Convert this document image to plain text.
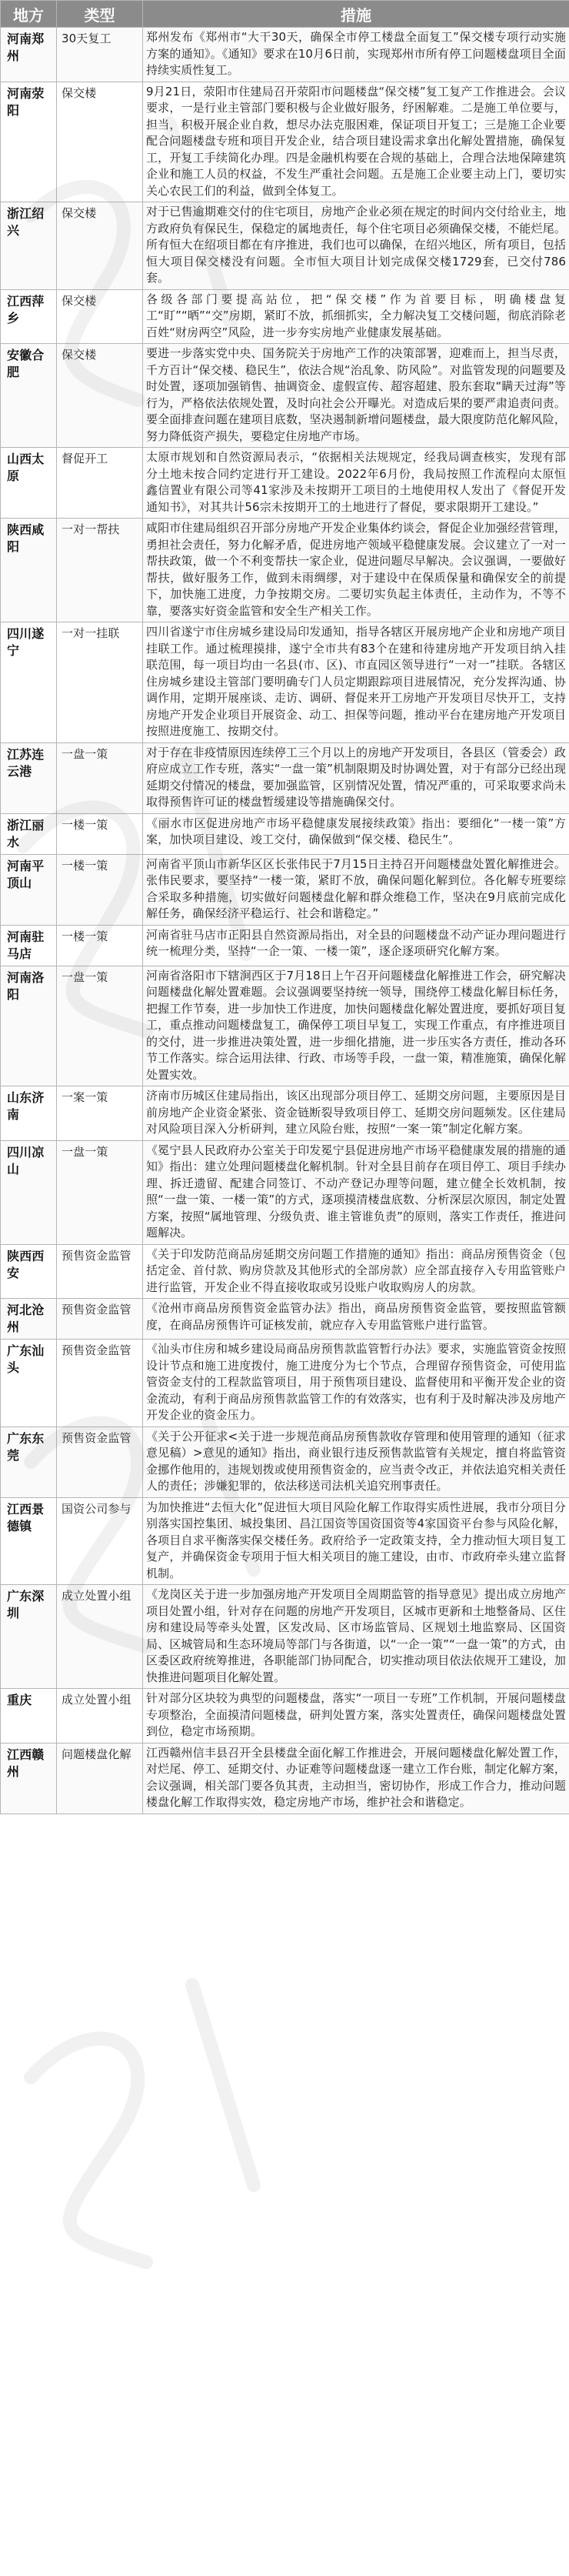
地方	类型	措施
河南郑州	30天复工	郑州发布《郑州市“大干30天，确保全市停工楼盘全面复工”保交楼专项行动实施方案的通知》。《通知》要求在10月6日前，实现郑州市所有停工问题楼盘项目全面持续实质性复工。
河南荥阳	保交楼	9月21日，荥阳市住建局召开荥阳市问题楼盘“保交楼”复工复产工作推进会。会议要求，一是行业主管部门要积极与企业做好服务，纾困解难。二是施工单位要与，担当，积极开展企业自救，想尽办法克服困难，保证项目开复工；三是施工企业要配合问题楼盘专班和项目开发企业，结合项目建设需求拿出化解处置措施，确保复工，开复工手续简化办理。四是金融机构要在合规的基础上，合理合法地保障建筑企业和施工人员的权益，不发生严重社会问题。五是施工企业要主动上门，要切实关心农民工们的利益，做到全体复工。
浙江绍兴	保交楼	对于已售逾期难交付的住宅项目，房地产企业必须在规定的时间内交付给业主，地方政府负有保民生，保稳定的属地责任，每个住宅项目必须确保交楼，不能烂尾。所有恒大在绍项目都在有序推进，我们也可以确保，在绍兴地区，所有项目，包括恒大项目保交楼没有问题。全市恒大项目计划完成保交楼1729套，已交付786套。
江西萍乡	保交楼	各级各部门要提高站位，把“保交楼”作为首要目标，明确楼盘复工“盯”“晒”“交”房期，紧盯不放，抓细抓实，全力解决复工交楼问题，彻底消除老百姓“财房两空”风险，进一步夯实房地产业健康发展基础。
安徽合肥	保交楼	要进一步落实党中央、国务院关于房地产工作的决策部署，迎难而上，担当尽责，千方百计“保交楼、稳民生”，依法合规“治乱象、防风险”。对监管发现的问题要及时处置，逐项加强销售、抽调资金、虚假宣传、超容超建、股东套取“瞒天过海”等行为，严格依法依规处置，及时向社会公开曝光。对造成后果的要严肃追责问责。要全面排查问题在建项目底数，坚决遏制新增问题楼盘，最大限度防范化解风险，努力降低资产损失，要稳定住房地产市场。
山西太原	督促开工	太原市规划和自然资源局表示，“依据相关法规规定，经我局调查核实，发现有部分土地未按合同约定进行开工建设。2022年6月份，我局按照工作流程向太原恒鑫信置业有限公司等41家涉及未按期开工项目的土地使用权人发出了《督促开发通知书》，对其共计56宗未按期开工的土地进行了督促，要求限期开工建设。”
陕西咸阳	一对一帮扶	咸阳市住建局组织召开部分房地产开发企业集体约谈会，督促企业加强经营管理，勇担社会责任，努力化解矛盾，促进房地产领域平稳健康发展。会议建立了一对一帮扶政策，做一个不利变帮扶一家企业，促进问题尽早解决。会议强调，一要做好帮扶，做好服务工作，做到未雨绸缪，对于建设中在保质保量和确保安全的前提下，加快施工进度，力争按期交房。二要切实负起主体责任，主动作为，不等不靠，要落实好资金监管和安全生产相关工作。
四川遂宁	一对一挂联	四川省遂宁市住房城乡建设局印发通知，指导各辖区开展房地产企业和房地产项目挂联工作。通过梳理摸排，遂宁全市共有83个在建和待建房地产开发项目纳入挂联范围，每一项目均由一名县(市、区)、市直园区领导进行“一对一”挂联。各辖区住房城乡建设主管部门要明确专门人员定期跟踪项目进展情况，充分发挥沟通、协调作用，定期开展座谈、走访、调研、督促来开工房地产开发项目尽快开工，支持房地产开发企业项目开展资金、动工、担保等问题，推动平台在建房地产开发项目按照进度施工、按期交付。
江苏连云港	一盘一策	对于存在非疫情原因连续停工三个月以上的房地产开发项目，各县区（管委会）政府应成立工作专班，落实“一盘一策”机制限期及时协调处置，对于有部分已经出现延期交付情况的楼盘，要加强监管，区别情况处置，情况严重的，可采取要求尚未取得预售许可证的楼盘暂缓建设等措施确保交付。
浙江丽水	一楼一策	《丽水市区促进房地产市场平稳健康发展接续政策》指出：要细化“一楼一策”方案，加快项目建设、竣工交付，确保做到“保交楼、稳民生”。
河南平顶山	一楼一策	河南省平顶山市新华区区长张伟民于7月15日主持召开问题楼盘处置化解推进会。张伟民要求，要坚持“一楼一策，紧盯不放，确保问题化解到位。各化解专班要综合采取多种措施，切实做好问题楼盘化解和群众维稳工作，坚决在9月底前完成化解任务，确保经济平稳运行、社会和谐稳定。”
河南驻马店	一楼一策	河南省驻马店市正阳县自然资源局指出，对全县的问题楼盘不动产证办理问题进行统一梳理分类，坚持“一企一策、一楼一策”，逐企逐项研究化解方案。
河南洛阳	一盘一策	河南省洛阳市下辖涧西区于7月18日上午召开问题楼盘化解推进工作会，研究解决问题楼盘化解处置难题。会议强调要坚持统一领导，围绕停工楼盘化解目标任务，把握工作节奏，进一步加快工作进度，加快问题楼盘化解处置进度，要抓好项目复工，重点推动问题楼盘复工，确保停工项目早复工，实现工作重点，有序推进项目的交付，进一步推进决策处置，进一步细化措施，进一步压实各方责任，推动各环节工作落实。综合运用法律、行政、市场等手段，一盘一策，精准施策，确保化解处置实效。
山东济南	一案一策	济南市历城区住建局指出，该区出现部分项目停工、延期交房问题，主要原因是目前房地产企业资金紧张、资金链断裂导致项目停工、延期交房问题频发。区住建局对风险项目深入分析研判，建立风险台账，按照“一案一策”制定化解方案。
四川凉山	一盘一策	《冕宁县人民政府办公室关于印发冕宁县促进房地产市场平稳健康发展的措施的通知》指出：建立处理问题楼盘化解机制。针对全县目前存在项目停工、项目手续办理、拆迁遗留、配建合同签订、不动产登记办理等问题，建立健全长效机制，按照“一盘一策、一楼一策”的方式，逐项摸清楼盘底数、分析深层次原因，制定处置方案，按照“属地管理、分级负责、谁主管谁负责”的原则，落实工作责任，推进问题解决。
陕西西安	预售资金监管	《关于印发防范商品房延期交房问题工作措施的通知》指出：商品房预售资金（包括定金、首付款、购房贷款及其他形式的全部房款）应全部直接存入专用监管账户进行监管，开发企业不得直接收取或另设账户收取购房人的房款。
河北沧州	预售资金监管	《沧州市商品房预售资金监管办法》指出，商品房预售资金监管，要按照监管额度，在商品房预售许可证核发前，就应存入专用监管账户进行监管。
广东汕头	预售资金监管	《汕头市住房和城乡建设局商品房预售款监管暂行办法》要求，实施监管资金按照设计节点和施工进度拨付，施工进度分为七个节点，合理留存预售资金，可使用监管资金支付的工程款监管项目，用于预售项目建设、监督使用和平衡开发企业的资金流动，有利于商品房预售款监管工作的有效落实，也有利于及时解决涉及房地产开发企业的资金压力。
广东东莞	预售资金监管	《关于公开征求<关于进一步规范商品房预售款收存管理和使用管理的通知（征求意见稿）>意见的通知》指出，商业银行违反预售款监管有关规定，擅自将监管资金挪作他用的，违规划拨或使用预售资金的，应当责令改正，并依法追究相关责任人的责任；涉嫌犯罪的，依法移送司法机关追究刑事责任。
江西景德镇	国资公司参与	为加快推进“去恒大化”促进恒大项目风险化解工作取得实质性进展，我市分项目分别落实国控集团、城投集团、昌江国资等国资国资等4家国资平台参与风险化解，各项目自求平衡落实保交楼任务。政府给予一定政策支持，全力推动恒大项目复工复产，并确保资金专项用于恒大相关项目的施工建设，由市、市政府牵头建立监督机制。
广东深圳	成立处置小组	《龙岗区关于进一步加强房地产开发项目全周期监管的指导意见》提出成立房地产项目处置小组，针对存在问题的房地产开发项目，区城市更新和土地整备局、区住房和建设局等牵头处置，区发改局、区市场监管局、区规划土地监察局、区国资局、区城管局和生态环境局等部门与各街道，以“一企一策”“一盘一策”的方式，由区委区政府统筹推进，各职能部门协同配合，切实推动项目依法依规开工建设，加快推进问题项目化解处置。
重庆	成立处置小组	针对部分区块较为典型的问题楼盘，落实“一项目一专班”工作机制，开展问题楼盘专项整治，全面摸清问题楼盘，研判处置方案，落实处置责任，确保问题楼盘处置到位，稳定市场预期。
江西赣州	问题楼盘化解	江西赣州信丰县召开全县楼盘全面化解工作推进会，开展问题楼盘化解处置工作，对烂尾、停工、延期交付、办证难等问题楼盘逐一建立工作台账，制定化解方案，会议强调，相关部门要各负其责，主动担当，密切协作，形成工作合力，推动问题楼盘化解工作取得实效，稳定房地产市场，维护社会和谐稳定。
